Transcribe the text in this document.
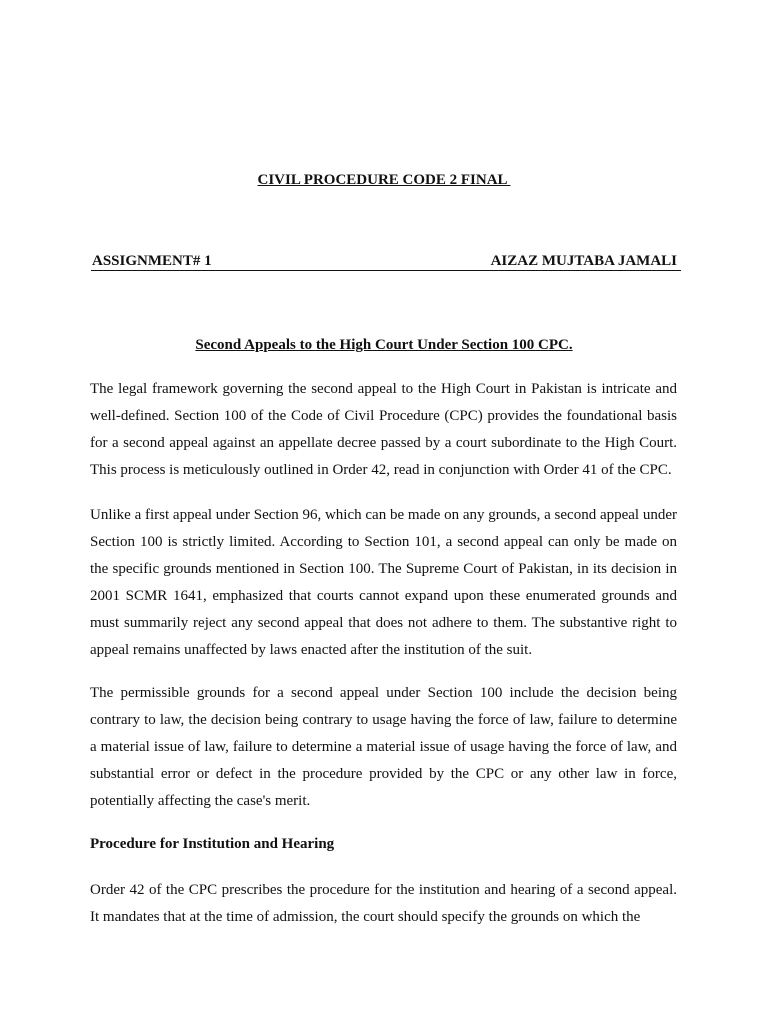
CIVIL PROCEDURE CODE 2 FINAL
ASSIGNMENT# 1	AIZAZ MUJTABA JAMALI
Second Appeals to the High Court Under Section 100 CPC.

The legal framework governing the second appeal to the High Court in Pakistan is intricate and well-defined. Section 100 of the Code of Civil Procedure (CPC) provides the foundational basis for a second appeal against an appellate decree passed by a court subordinate to the High Court. This process is meticulously outlined in Order 42, read in conjunction with Order 41 of the CPC.

Unlike a first appeal under Section 96, which can be made on any grounds, a second appeal under Section 100 is strictly limited. According to Section 101, a second appeal can only be made on the specific grounds mentioned in Section 100. The Supreme Court of Pakistan, in its decision in 2001 SCMR 1641, emphasized that courts cannot expand upon these enumerated grounds and must summarily reject any second appeal that does not adhere to them. The substantive right to appeal remains unaffected by laws enacted after the institution of the suit.

The permissible grounds for a second appeal under Section 100 include the decision being contrary to law, the decision being contrary to usage having the force of law, failure to determine a material issue of law, failure to determine a material issue of usage having the force of law, and substantial error or defect in the procedure provided by the CPC or any other law in force, potentially affecting the case's merit.

Procedure for Institution and Hearing

Order 42 of the CPC prescribes the procedure for the institution and hearing of a second appeal. It mandates that at the time of admission, the court should specify the grounds on which the
